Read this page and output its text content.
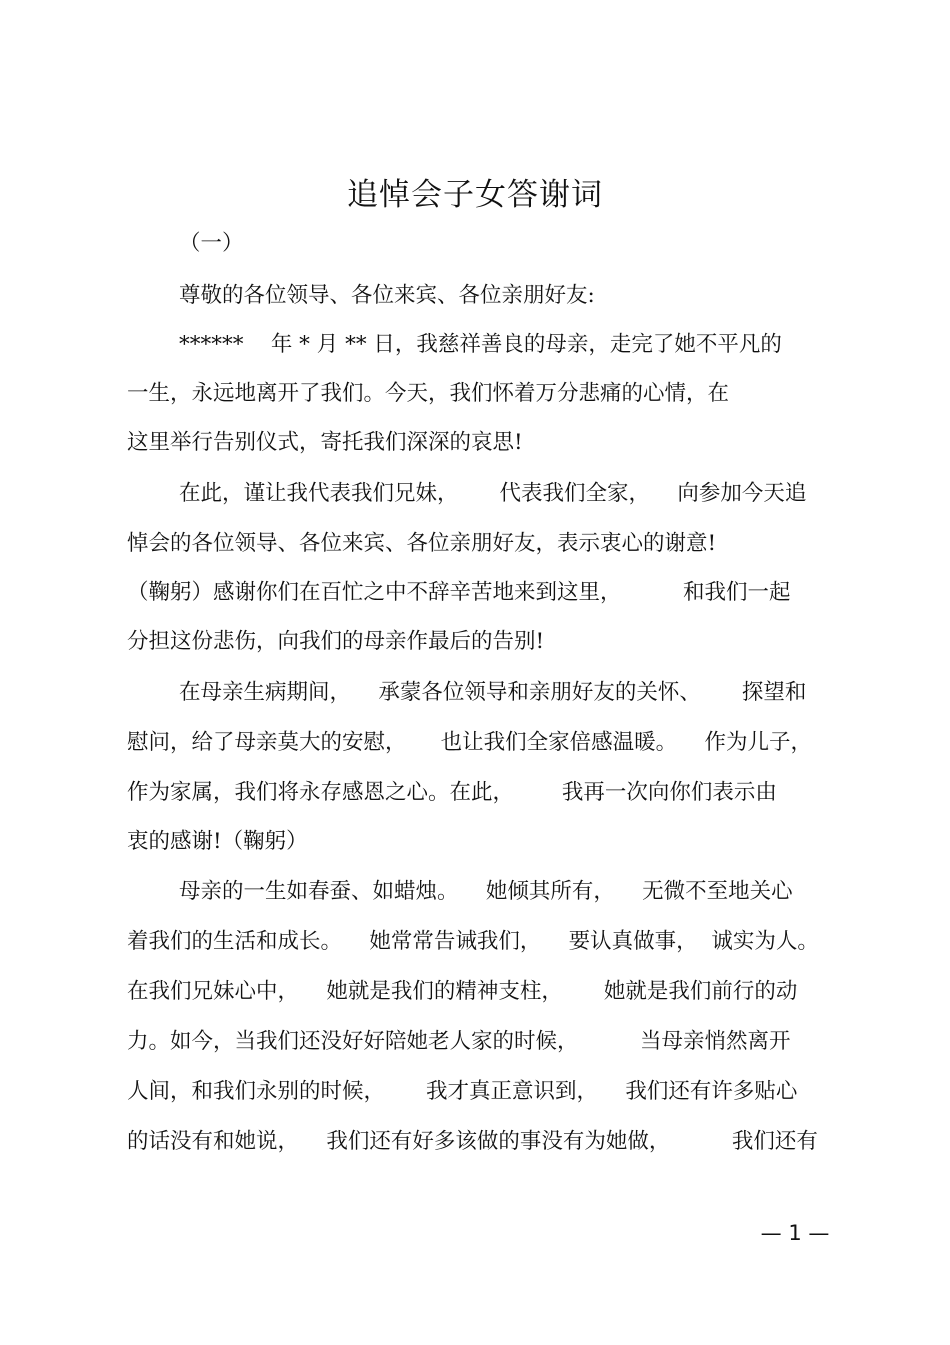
追悼会子女答谢词

（一）

尊敬的各位领导、各位来宾、各位亲朋好友:

******    年 * 月 ** 日，我慈祥善良的母亲，走完了她不平凡的

一生，永远地离开了我们。今天，我们怀着万分悲痛的心情，在

这里举行告别仪式，寄托我们深深的哀思!

在此，谨让我代表我们兄妹，      代表我们全家，    向参加今天追

悼会的各位领导、各位来宾、各位亲朋好友，表示衷心的谢意!

（鞠躬）感谢你们在百忙之中不辞辛苦地来到这里，         和我们一起

分担这份悲伤，向我们的母亲作最后的告别!

在母亲生病期间，    承蒙各位领导和亲朋好友的关怀、      探望和

慰问，给了母亲莫大的安慰，     也让我们全家倍感温暖。    作为儿子，

作为家属，我们将永存感恩之心。在此，       我再一次向你们表示由

衷的感谢!（鞠躬）

母亲的一生如春蚕、如蜡烛。    她倾其所有，    无微不至地关心

着我们的生活和成长。    她常常告诫我们，    要认真做事，  诚实为人。

在我们兄妹心中，    她就是我们的精神支柱，      她就是我们前行的动

力。如今，当我们还没好好陪她老人家的时候，         当母亲悄然离开

人间，和我们永别的时候，      我才真正意识到，    我们还有许多贴心

的话没有和她说，    我们还有好多该做的事没有为她做，         我们还有

— 1 —
